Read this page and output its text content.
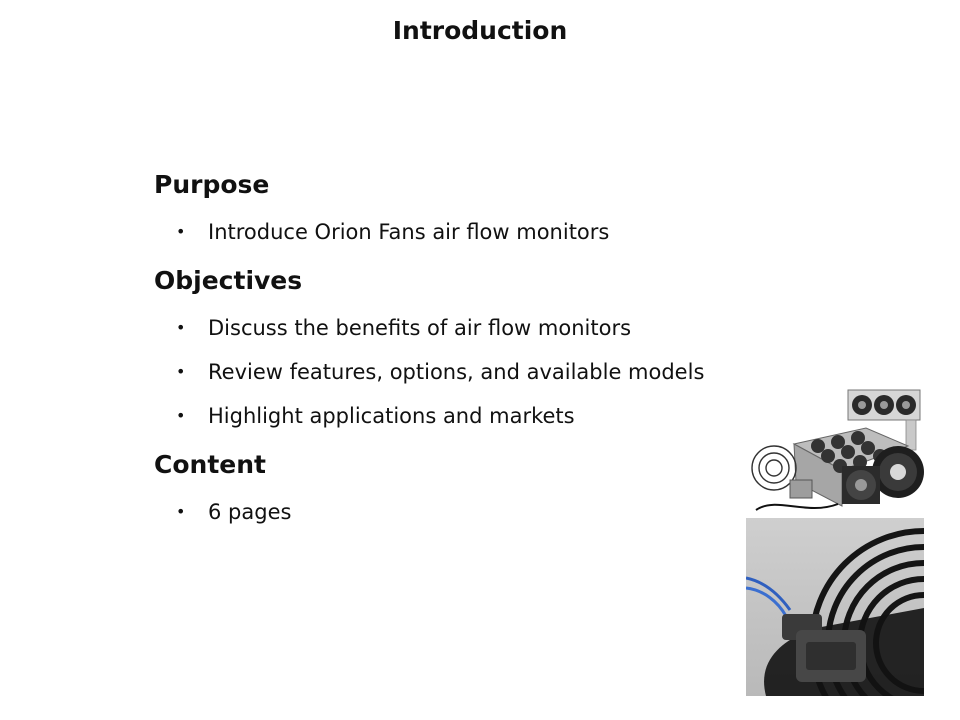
Introduction
Purpose
• Introduce Orion Fans air flow monitors
Objectives
• Discuss the benefits of air flow monitors
• Review features, options, and available models
• Highlight applications and markets
Content
• 6 pages
